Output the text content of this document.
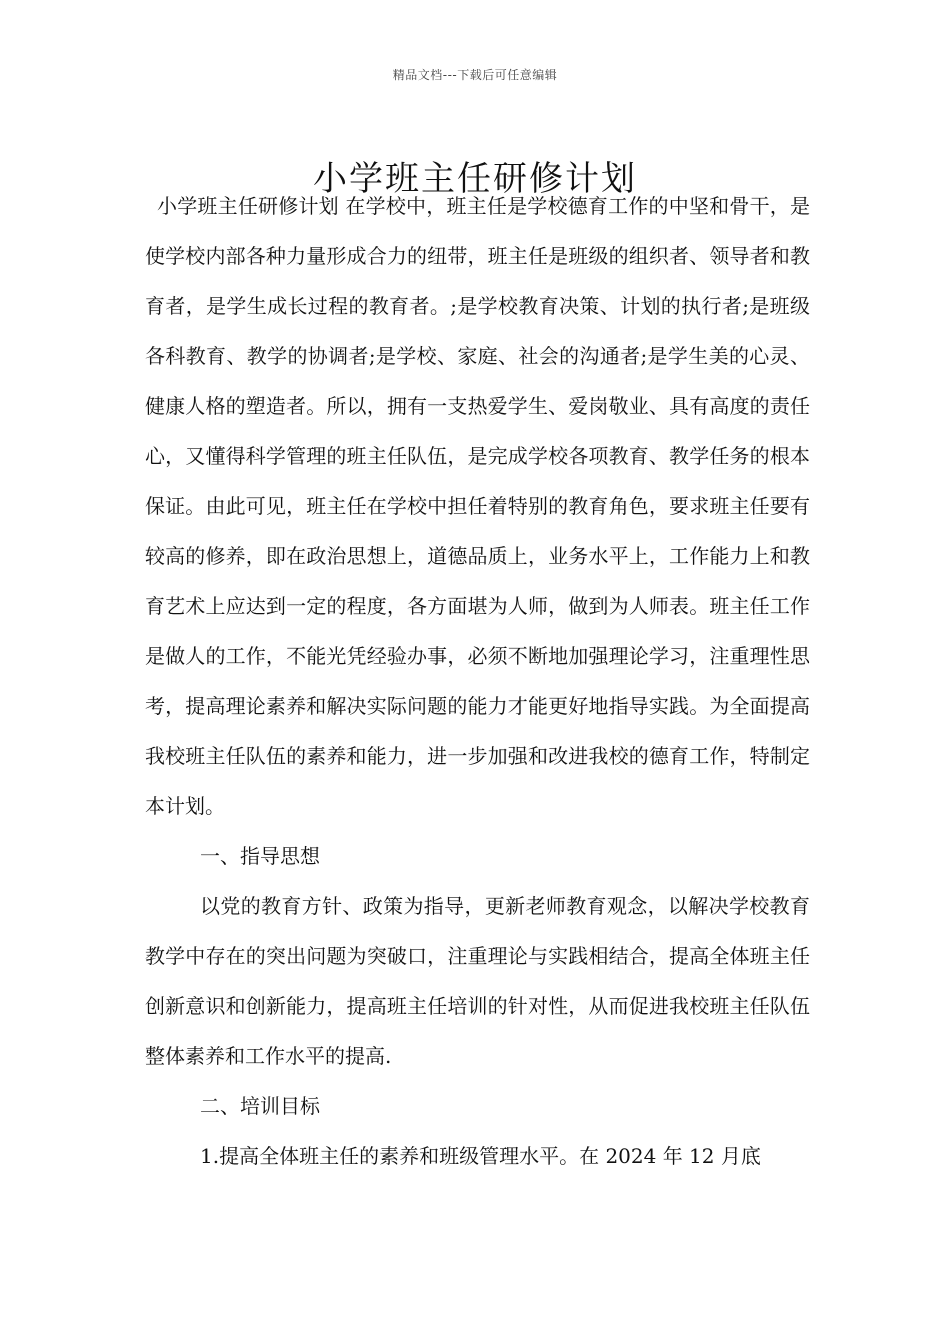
精品文档---下载后可任意编辑
小学班主任研修计划

小学班主任研修计划 在学校中，班主任是学校德育工作的中坚和骨干，是使学校内部各种力量形成合力的纽带，班主任是班级的组织者、领导者和教育者，是学生成长过程的教育者。;是学校教育决策、计划的执行者;是班级各科教育、教学的协调者;是学校、家庭、社会的沟通者;是学生美的心灵、健康人格的塑造者。所以，拥有一支热爱学生、爱岗敬业、具有高度的责任心，又懂得科学管理的班主任队伍，是完成学校各项教育、教学任务的根本保证。由此可见，班主任在学校中担任着特别的教育角色，要求班主任要有较高的修养，即在政治思想上，道德品质上，业务水平上，工作能力上和教育艺术上应达到一定的程度，各方面堪为人师，做到为人师表。班主任工作是做人的工作，不能光凭经验办事，必须不断地加强理论学习，注重理性思考，提高理论素养和解决实际问题的能力才能更好地指导实践。为全面提高我校班主任队伍的素养和能力，进一步加强和改进我校的德育工作，特制定本计划。

一、指导思想

以党的教育方针、政策为指导，更新老师教育观念，以解决学校教育教学中存在的突出问题为突破口，注重理论与实践相结合，提高全体班主任创新意识和创新能力，提高班主任培训的针对性，从而促进我校班主任队伍整体素养和工作水平的提高.

二、培训目标

1.提高全体班主任的素养和班级管理水平。在 2024 年 12 月底
